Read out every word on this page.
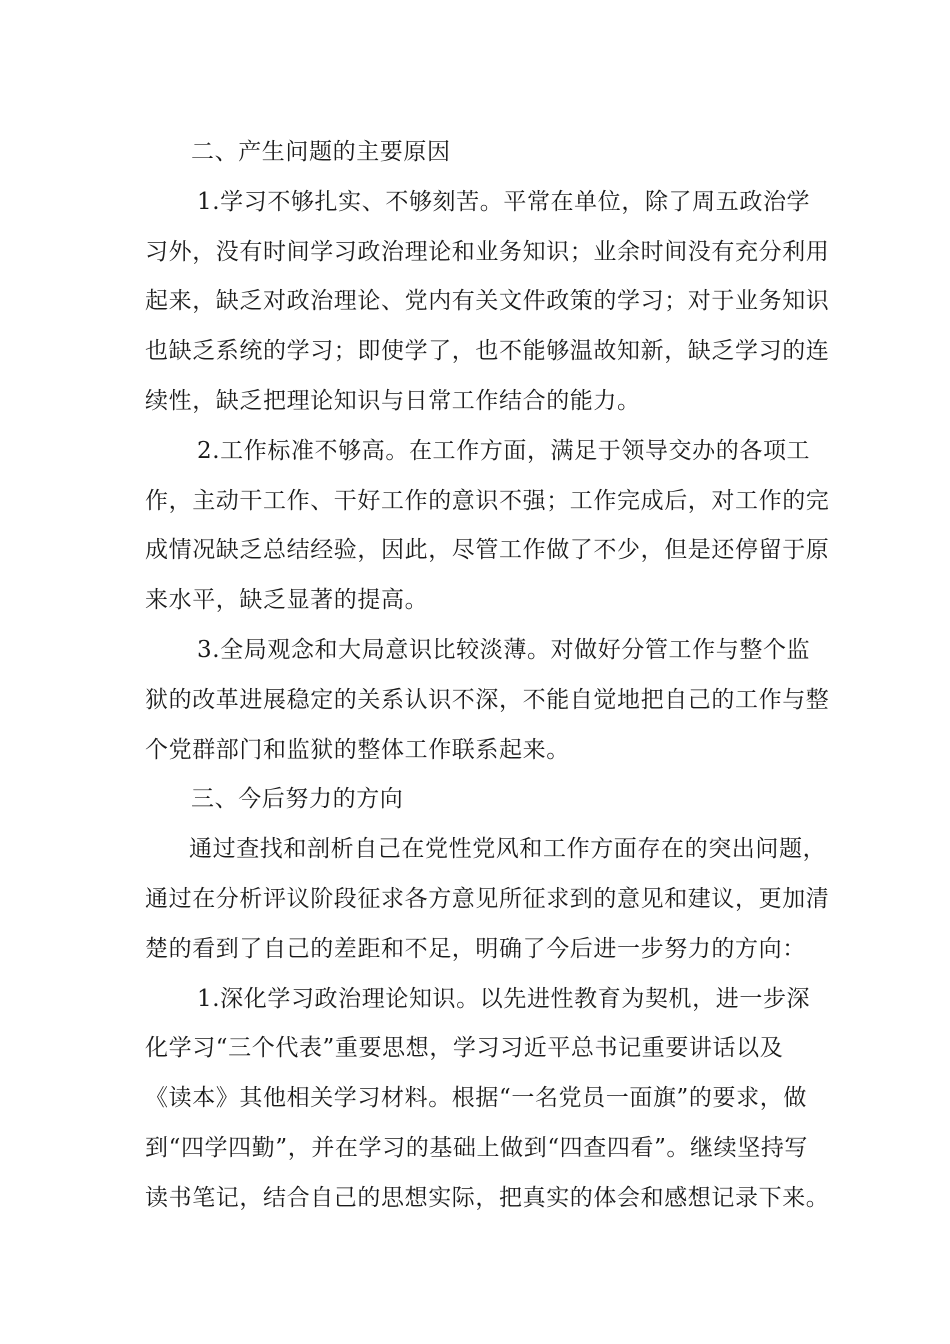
二、产生问题的主要原因

1.学习不够扎实、不够刻苦。平常在单位，除了周五政治学习外，没有时间学习政治理论和业务知识；业余时间没有充分利用起来，缺乏对政治理论、党内有关文件政策的学习；对于业务知识也缺乏系统的学习；即使学了，也不能够温故知新，缺乏学习的连续性，缺乏把理论知识与日常工作结合的能力。

2.工作标准不够高。在工作方面，满足于领导交办的各项工作，主动干工作、干好工作的意识不强；工作完成后，对工作的完成情况缺乏总结经验，因此，尽管工作做了不少，但是还停留于原来水平，缺乏显著的提高。

3.全局观念和大局意识比较淡薄。对做好分管工作与整个监狱的改革进展稳定的关系认识不深，不能自觉地把自己的工作与整个党群部门和监狱的整体工作联系起来。

三、今后努力的方向

通过查找和剖析自己在党性党风和工作方面存在的突出问题，通过在分析评议阶段征求各方意见所征求到的意见和建议，更加清楚的看到了自己的差距和不足，明确了今后进一步努力的方向：

1.深化学习政治理论知识。以先进性教育为契机，进一步深化学习“三个代表”重要思想，学习习近平总书记重要讲话以及《读本》其他相关学习材料。根据“一名党员一面旗”的要求，做到“四学四勤”，并在学习的基础上做到“四查四看”。继续坚持写读书笔记，结合自己的思想实际，把真实的体会和感想记录下来。
